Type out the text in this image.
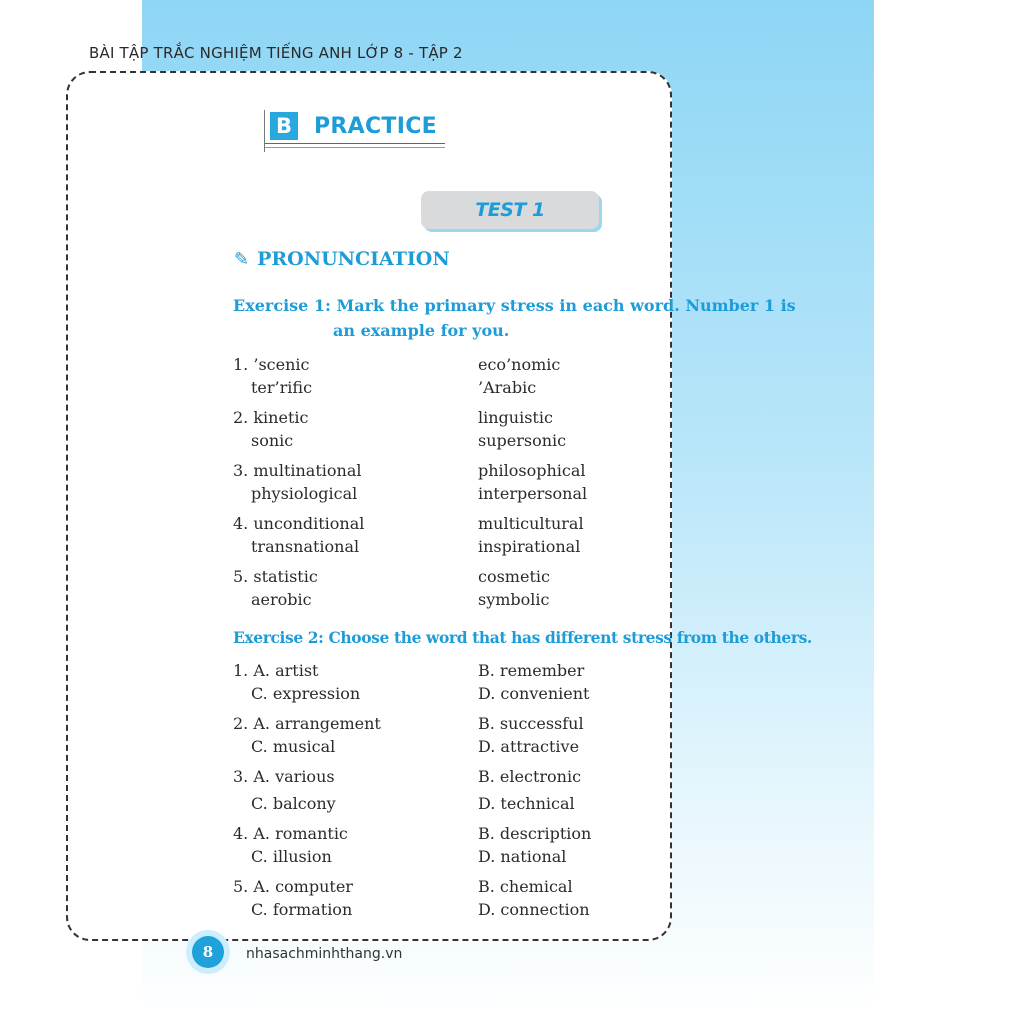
BÀI TẬP TRẮC NGHIỆM TIẾNG ANH LỚP 8 - TẬP 2
B PRACTICE
TEST 1
✎ PRONUNCIATION
Exercise 1: Mark the primary stress in each word. Number 1 is
an example for you.
1. ’scenic	eco’nomic
ter’rific	’Arabic
2. kinetic	linguistic
sonic	supersonic
3. multinational	philosophical
physiological	interpersonal
4. unconditional	multicultural
transnational	inspirational
5. statistic	cosmetic
aerobic	symbolic
Exercise 2: Choose the word that has different stress from the others.
1. A. artist	B. remember
C. expression	D. convenient
2. A. arrangement	B. successful
C. musical	D. attractive
3. A. various	B. electronic
C. balcony	D. technical
4. A. romantic	B. description
C. illusion	D. national
5. A. computer	B. chemical
C. formation	D. connection
8	nhasachminhthang.vn
